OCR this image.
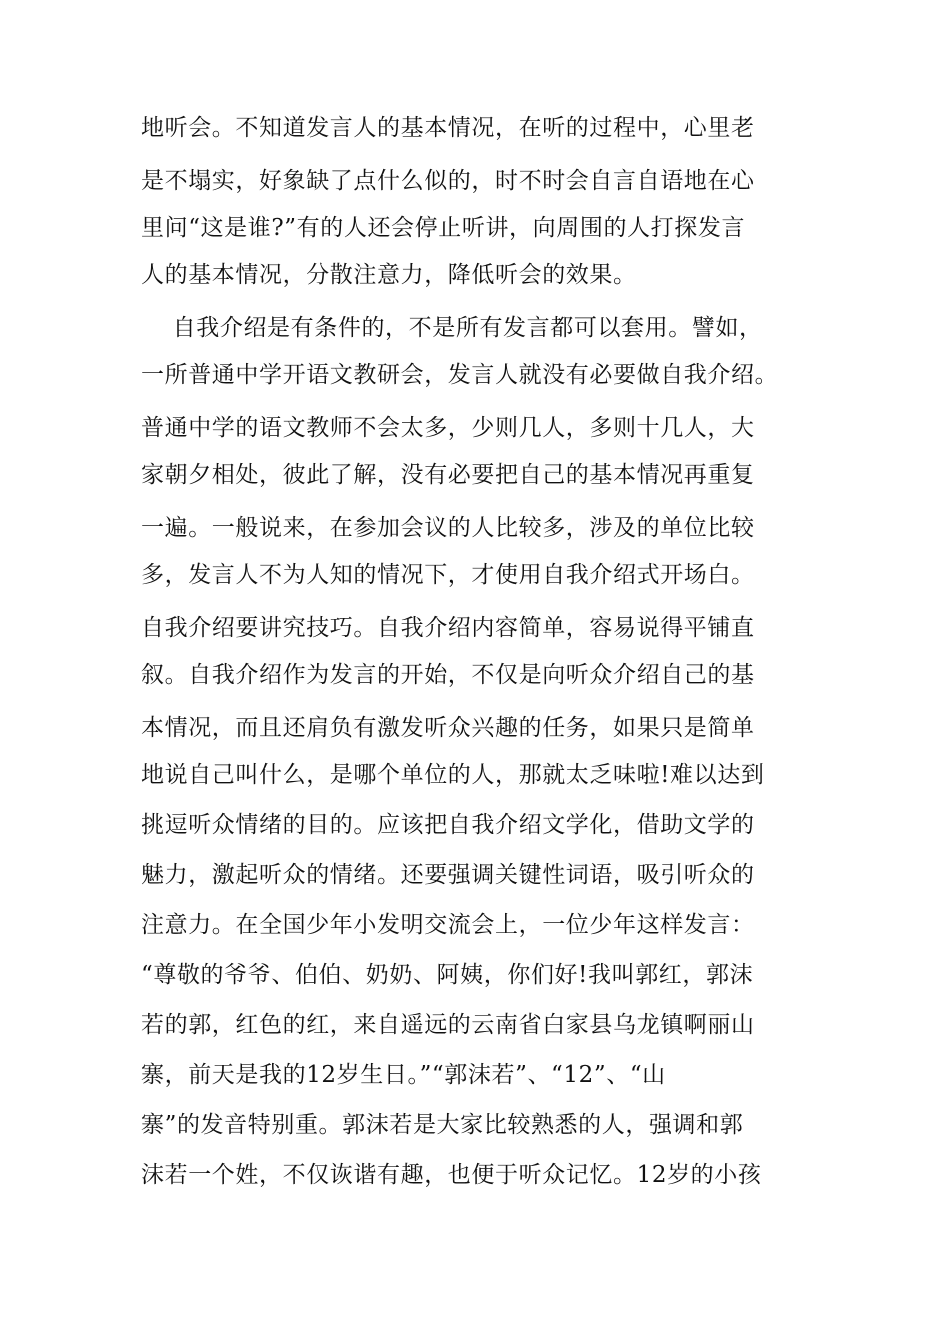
地听会。不知道发言人的基本情况，在听的过程中，心里老
是不塌实，好象缺了点什么似的，时不时会自言自语地在心
里问“这是谁?”有的人还会停止听讲，向周围的人打探发言
人的基本情况，分散注意力，降低听会的效果。
自我介绍是有条件的，不是所有发言都可以套用。譬如，
一所普通中学开语文教研会，发言人就没有必要做自我介绍。
普通中学的语文教师不会太多，少则几人，多则十几人，大
家朝夕相处，彼此了解，没有必要把自己的基本情况再重复
一遍。一般说来，在参加会议的人比较多，涉及的单位比较
多，发言人不为人知的情况下，才使用自我介绍式开场白。
自我介绍要讲究技巧。自我介绍内容简单，容易说得平铺直
叙。自我介绍作为发言的开始，不仅是向听众介绍自己的基
本情况，而且还肩负有激发听众兴趣的任务，如果只是简单
地说自己叫什么，是哪个单位的人，那就太乏味啦!难以达到
挑逗听众情绪的目的。应该把自我介绍文学化，借助文学的
魅力，激起听众的情绪。还要强调关键性词语，吸引听众的
注意力。在全国少年小发明交流会上，一位少年这样发言：
“尊敬的爷爷、伯伯、奶奶、阿姨，你们好!我叫郭红，郭沫
若的郭，红色的红，来自遥远的云南省白家县乌龙镇啊丽山
寨，前天是我的12岁生日。”“郭沫若”、“12”、“山
寨”的发音特别重。郭沫若是大家比较熟悉的人，强调和郭
沫若一个姓，不仅诙谐有趣，也便于听众记忆。12岁的小孩
